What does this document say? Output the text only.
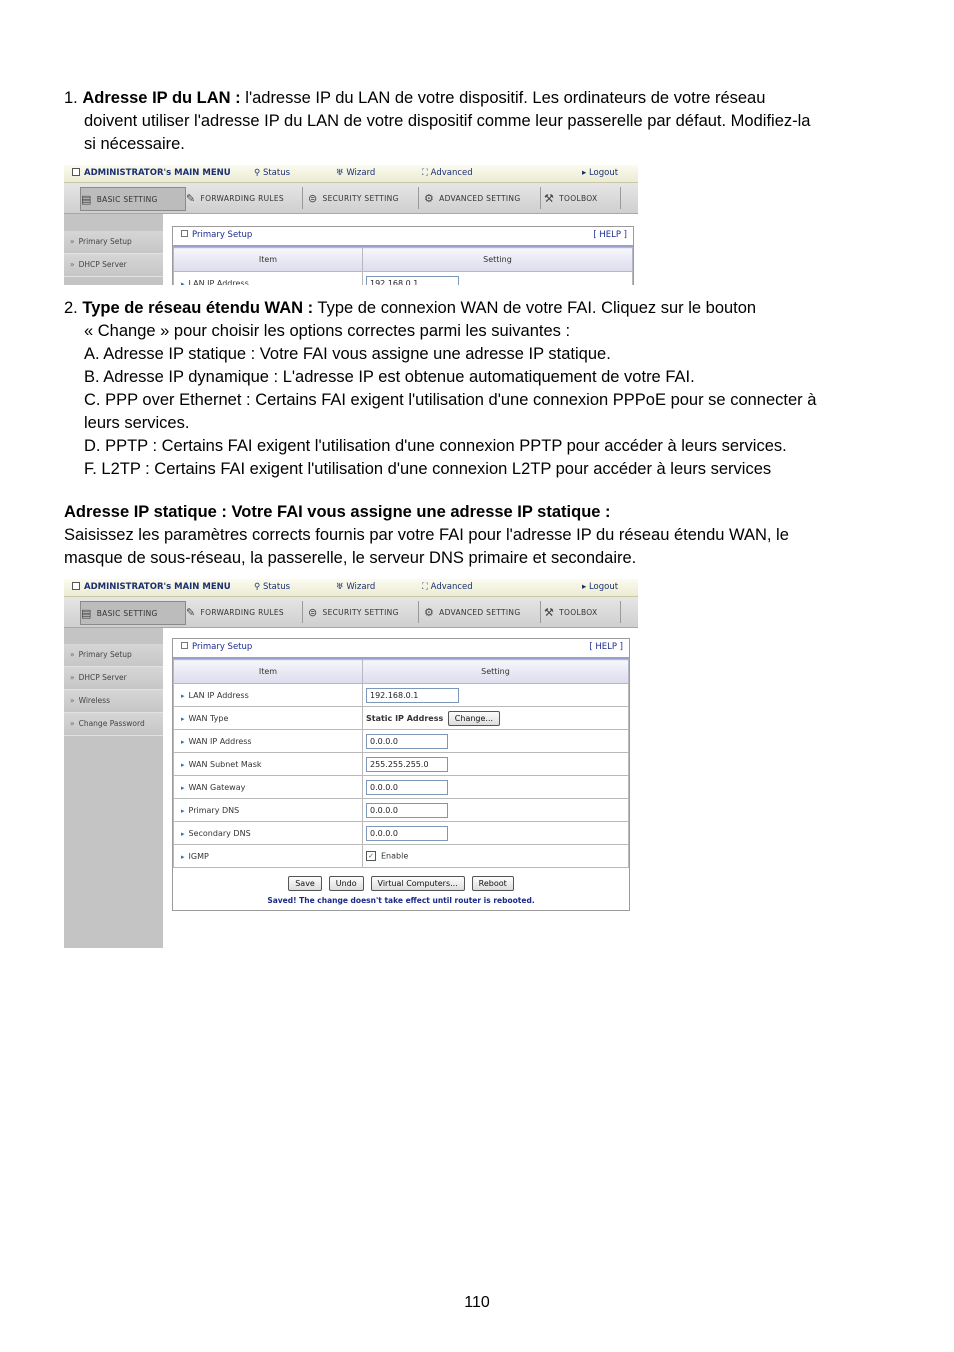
1. Adresse IP du LAN : l'adresse IP du LAN de votre dispositif. Les ordinateurs de votre réseau

doivent utiliser l'adresse IP du LAN de votre dispositif comme leur passerelle par défaut. Modifiez-la

si nécessaire.

ADMINISTRATOR's MAIN MENU	⚲ Status	♅ Wizard	⛶ Advanced	▸ Logout
▤ BASIC SETTING	✎ FORWARDING RULES ⊜ SECURITY SETTING ⚙ ADVANCED SETTING ⚒ TOOLBOX
» Primary Setup
» DHCP Server
Primary Setup	[ HELP ]
Item	Setting
▸ LAN IP Address	192.168.0.1

2. Type de réseau étendu WAN : Type de connexion WAN de votre FAI. Cliquez sur le bouton

« Change » pour choisir les options correctes parmi les suivantes :

A. Adresse IP statique : Votre FAI vous assigne une adresse IP statique.

B. Adresse IP dynamique : L'adresse IP est obtenue automatiquement de votre FAI.

C. PPP over Ethernet : Certains FAI exigent l'utilisation d'une connexion PPPoE pour se connecter à

leurs services.

D. PPTP : Certains FAI exigent l'utilisation d'une connexion PPTP pour accéder à leurs services.

F. L2TP : Certains FAI exigent l'utilisation d'une connexion L2TP pour accéder à leurs services

Adresse IP statique : Votre FAI vous assigne une adresse IP statique :

Saisissez les paramètres corrects fournis par votre FAI pour l'adresse IP du réseau étendu WAN, le

masque de sous-réseau, la passerelle, le serveur DNS primaire et secondaire.

ADMINISTRATOR's MAIN MENU	⚲ Status	♅ Wizard	⛶ Advanced	▸ Logout
▤ BASIC SETTING	✎ FORWARDING RULES ⊜ SECURITY SETTING ⚙ ADVANCED SETTING ⚒ TOOLBOX
» Primary Setup
» DHCP Server
» Wireless
» Change Password
Primary Setup	[ HELP ]
Item	Setting
▸ LAN IP Address	192.168.0.1
▸ WAN Type	Static IP Address Change...
▸ WAN IP Address	0.0.0.0
▸ WAN Subnet Mask	255.255.255.0
▸ WAN Gateway	0.0.0.0
▸ Primary DNS	0.0.0.0
▸ Secondary DNS	0.0.0.0
▸ IGMP	✓ Enable
Save	Undo	Virtual Computers...	Reboot
Saved! The change doesn't take effect until router is rebooted.
110
